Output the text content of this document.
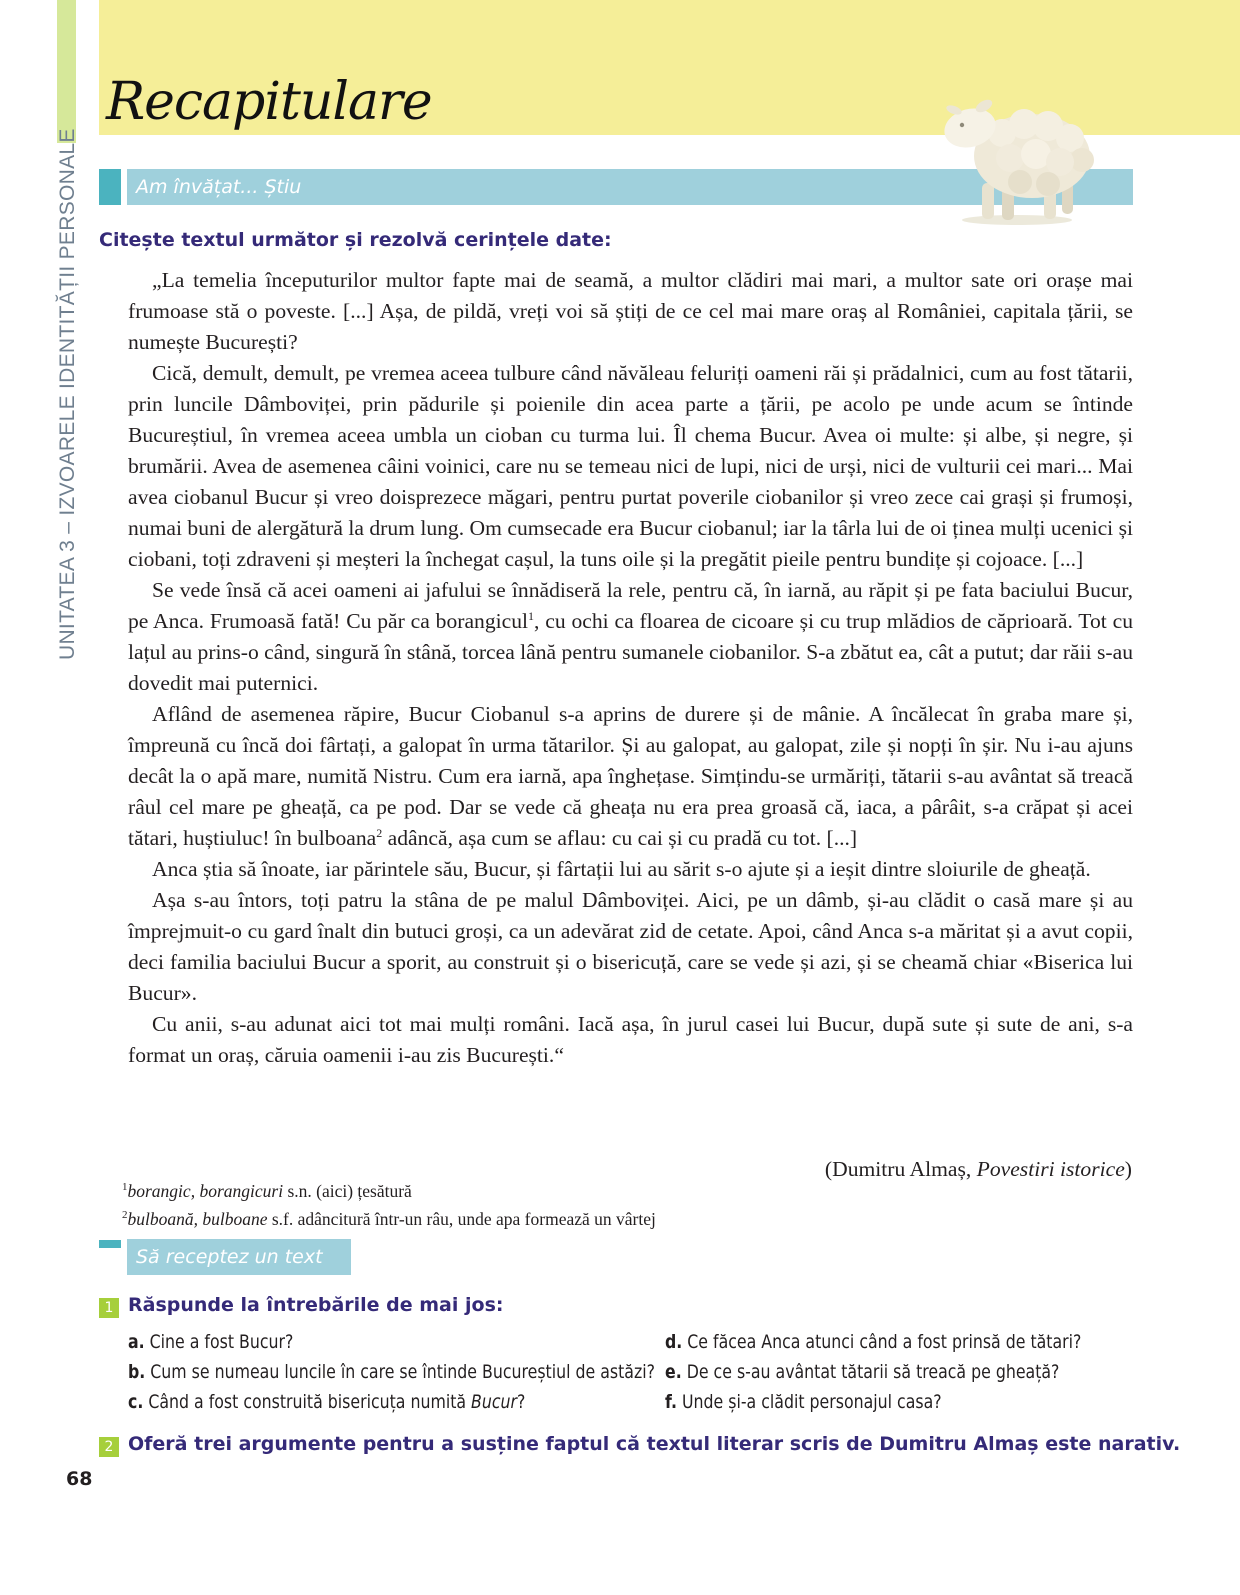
UNITATEA 3 – IZVOARELE IDENTITĂȚII PERSONALE
Recapitulare
Am învățat... Știu
Citește textul următor și rezolvă cerințele date:

„La temelia începuturilor multor fapte mai de seamă, a multor clădiri mai mari, a multor sate ori orașe mai frumoase stă o poveste. [...] Așa, de pildă, vreți voi să știți de ce cel mai mare oraș al României, capitala țării, se numește București?

Cică, demult, demult, pe vremea aceea tulbure când năvăleau feluriți oameni răi și prădalnici, cum au fost tătarii, prin luncile Dâmboviței, prin pădurile și poienile din acea parte a țării, pe acolo pe unde acum se întinde Bucureștiul, în vremea aceea umbla un cioban cu turma lui. Îl chema Bucur. Avea oi multe: și albe, și negre, și brumării. Avea de asemenea câini voinici, care nu se temeau nici de lupi, nici de urși, nici de vulturii cei mari... Mai avea ciobanul Bucur și vreo doisprezece măgari, pentru purtat poverile ciobanilor și vreo zece cai grași și frumoși, numai buni de alergătură la drum lung. Om cumsecade era Bucur ciobanul; iar la târla lui de oi ținea mulți ucenici și ciobani, toți zdraveni și meșteri la închegat cașul, la tuns oile și la pregătit pieile pentru bundițe și cojoace. [...]

Se vede însă că acei oameni ai jafului se înnădiseră la rele, pentru că, în iarnă, au răpit și pe fata baciului Bucur, pe Anca. Frumoasă fată! Cu păr ca borangicul$^1$, cu ochi ca floarea de cicoare și cu trup mlădios de căprioară. Tot cu lațul au prins-o când, singură în stână, torcea lână pentru sumanele ciobanilor. S-a zbătut ea, cât a putut; dar răii s-au dovedit mai puternici.

Aflând de asemenea răpire, Bucur Ciobanul s-a aprins de durere și de mânie. A încălecat în graba mare și, împreună cu încă doi fârtați, a galopat în urma tătarilor. Și au galopat, au galopat, zile și nopți în șir. Nu i-au ajuns decât la o apă mare, numită Nistru. Cum era iarnă, apa înghețase. Simțindu-se urmăriți, tătarii s-au avântat să treacă râul cel mare pe gheață, ca pe pod. Dar se vede că gheața nu era prea groasă că, iaca, a pârâit, s-a crăpat și acei tătari, huștiuluc! în bulboana$^2$ adâncă, așa cum se aflau: cu cai și cu pradă cu tot. [...]

Anca știa să înoate, iar părintele său, Bucur, și fârtații lui au sărit s-o ajute și a ieșit dintre sloiurile de gheață.

Așa s-au întors, toți patru la stâna de pe malul Dâmboviței. Aici, pe un dâmb, și-au clădit o casă mare și au împrejmuit-o cu gard înalt din butuci groși, ca un adevărat zid de cetate. Apoi, când Anca s-a măritat și a avut copii, deci familia baciului Bucur a sporit, au construit și o bisericuță, care se vede și azi, și se cheamă chiar «Biserica lui Bucur».

Cu anii, s-au adunat aici tot mai mulți români. Iacă așa, în jurul casei lui Bucur, după sute și sute de ani, s-a format un oraș, căruia oamenii i-au zis București.“

(Dumitru Almaș, Povestiri istorice)
$^1$borangic, borangicuri s.n. (aici) țesătură
$^2$bulboană, bulboane s.f. adâncitură într-un râu, unde apa formează un vârtej
Să receptez un text
1 Răspunde la întrebările de mai jos:
a. Cine a fost Bucur?
b. Cum se numeau luncile în care se întinde Bucureștiul de astăzi?
c. Când a fost construită bisericuța numită Bucur?
d. Ce făcea Anca atunci când a fost prinsă de tătari?
e. De ce s-au avântat tătarii să treacă pe gheață?
f. Unde și-a clădit personajul casa?
2 Oferă trei argumente pentru a susține faptul că textul literar scris de Dumitru Almaș este narativ.
68
